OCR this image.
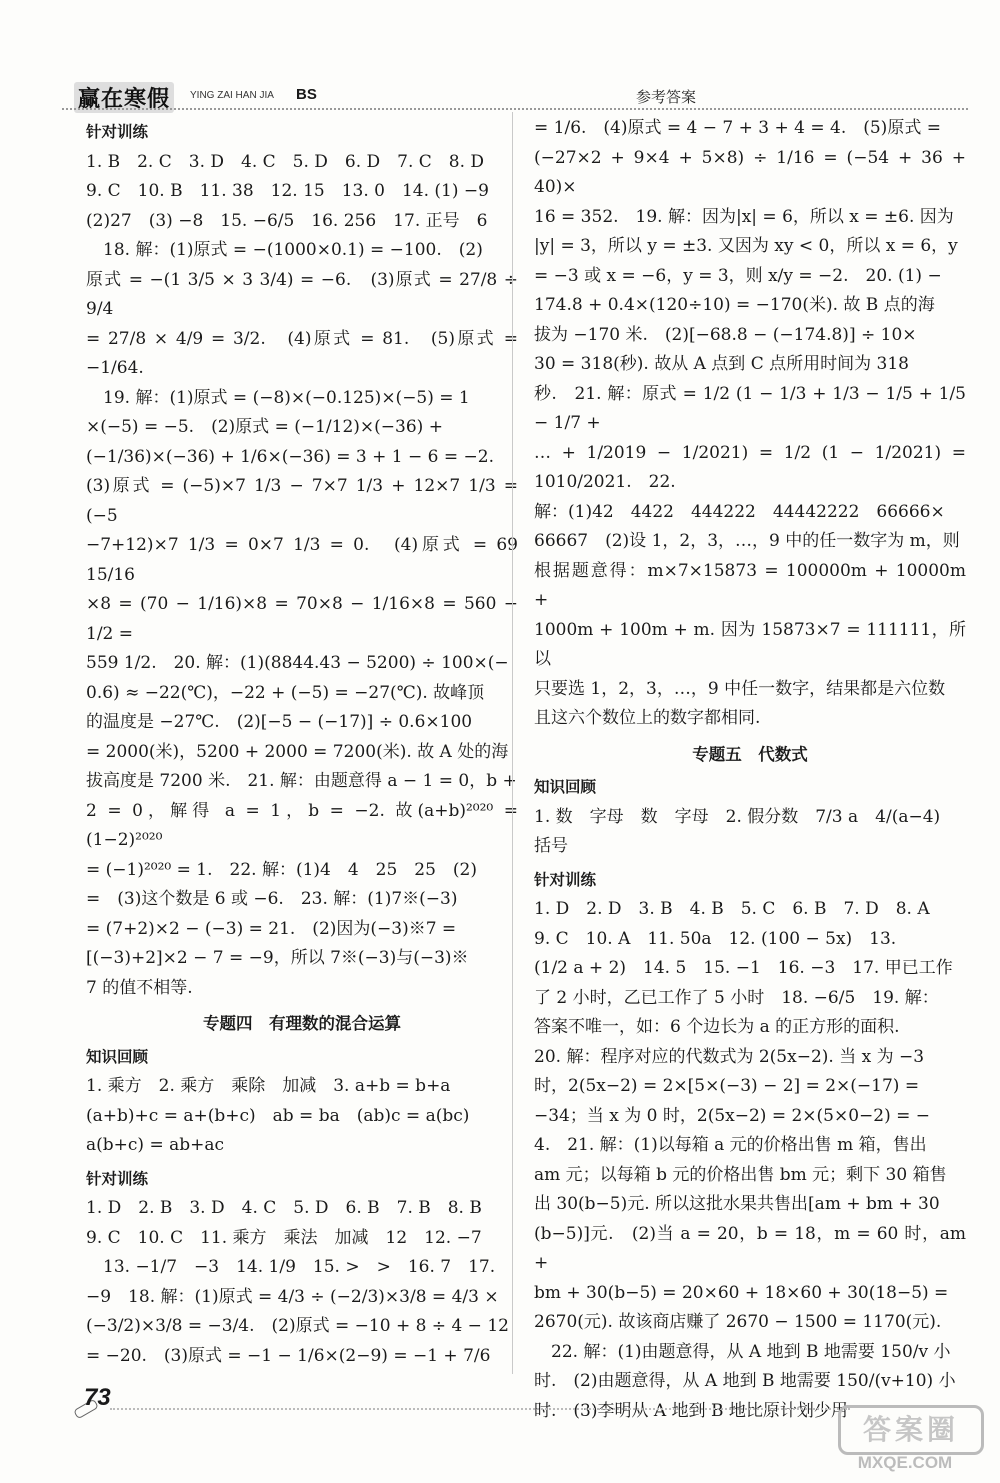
赢在寒假	YING ZAI HAN JIA BS	参考答案

针对训练

1. B　2. C　3. D　4. C　5. D　6. D　7. C　8. D

9. C　10. B　11. 38　12. 15　13. 0　14. (1) −9

(2)27　(3) −8　15. −6/5　16. 256　17. 正号　6

　18. 解：(1)原式 = −(1000×0.1) = −100.　(2)

原式 = −(1 3/5 × 3 3/4) = −6.　(3)原式 = 27/8 ÷ 9/4

= 27/8 × 4/9 = 3/2.　(4)原式 = 81.　(5)原式 = −1/64.

　19. 解：(1)原式 = (−8)×(−0.125)×(−5) = 1

×(−5) = −5.　(2)原式 = (−1/12)×(−36) +

(−1/36)×(−36) + 1/6×(−36) = 3 + 1 − 6 = −2.

(3)原式 = (−5)×7 1/3 − 7×7 1/3 + 12×7 1/3 = (−5

−7+12)×7 1/3 = 0×7 1/3 = 0.　(4)原式 = 69 15/16

×8 = (70 − 1/16)×8 = 70×8 − 1/16×8 = 560 − 1/2 =

559 1/2.　20. 解：(1)(8844.43 − 5200) ÷ 100×(−

0.6) ≈ −22(℃)，−22 + (−5) = −27(℃). 故峰顶

的温度是 −27℃.　(2)[−5 − (−17)] ÷ 0.6×100

= 2000(米)，5200 + 2000 = 7200(米). 故 A 处的海

拔高度是 7200 米.　21. 解：由题意得 a − 1 = 0，b +

2 = 0，解得 a = 1，b = −2. 故(a+b)²⁰²⁰ = (1−2)²⁰²⁰

= (−1)²⁰²⁰ = 1.　22. 解：(1)4　4　25　25　(2)

=　(3)这个数是 6 或 −6.　23. 解：(1)7※(−3)

= (7+2)×2 − (−3) = 21.　(2)因为(−3)※7 =

[(−3)+2]×2 − 7 = −9，所以 7※(−3)与(−3)※

7 的值不相等.

专题四　有理数的混合运算

知识回顾

1. 乘方　2. 乘方　乘除　加减　3. a+b = b+a

(a+b)+c = a+(b+c)　ab = ba　(ab)c = a(bc)

a(b+c) = ab+ac

针对训练

1. D　2. B　3. D　4. C　5. D　6. B　7. B　8. B

9. C　10. C　11. 乘方　乘法　加减　12　12. −7

　13. −1/7　−3　14. 1/9　15. >　>　16. 7　17.

−9　18. 解：(1)原式 = 4/3 ÷ (−2/3)×3/8 = 4/3 ×

(−3/2)×3/8 = −3/4.　(2)原式 = −10 + 8 ÷ 4 − 12

= −20.　(3)原式 = −1 − 1/6×(2−9) = −1 + 7/6

= 1/6.　(4)原式 = 4 − 7 + 3 + 4 = 4.　(5)原式 =

(−27×2 + 9×4 + 5×8) ÷ 1/16 = (−54 + 36 + 40)×

16 = 352.　19. 解：因为|x| = 6，所以 x = ±6. 因为

|y| = 3，所以 y = ±3. 又因为 xy < 0，所以 x = 6，y

= −3 或 x = −6，y = 3，则 x/y = −2.　20. (1) −

174.8 + 0.4×(120÷10) = −170(米). 故 B 点的海

拔为 −170 米.　(2)[−68.8 − (−174.8)] ÷ 10×

30 = 318(秒). 故从 A 点到 C 点所用时间为 318

秒.　21. 解：原式 = 1/2 (1 − 1/3 + 1/3 − 1/5 + 1/5 − 1/7 +

… + 1/2019 − 1/2021) = 1/2 (1 − 1/2021) = 1010/2021.　22.

解：(1)42　4422　444222　44442222　66666×

66667　(2)设 1，2，3，…，9 中的任一数字为 m，则

根据题意得：m×7×15873 = 100000m + 10000m +

1000m + 100m + m. 因为 15873×7 = 111111，所以

只要选 1，2，3，…，9 中任一数字，结果都是六位数

且这六个数位上的数字都相同.

专题五　代数式

知识回顾

1. 数　字母　数　字母　2. 假分数　7/3 a　4/(a−4)

括号

针对训练

1. D　2. D　3. B　4. B　5. C　6. B　7. D　8. A

9. C　10. A　11. 50a　12. (100 − 5x)　13.

(1/2 a + 2)　14. 5　15. −1　16. −3　17. 甲已工作

了 2 小时，乙已工作了 5 小时　18. −6/5　19. 解：

答案不唯一，如：6 个边长为 a 的正方形的面积.

20. 解：程序对应的代数式为 2(5x−2). 当 x 为 −3

时，2(5x−2) = 2×[5×(−3) − 2] = 2×(−17) =

−34；当 x 为 0 时，2(5x−2) = 2×(5×0−2) = −

4.　21. 解：(1)以每箱 a 元的价格出售 m 箱，售出

am 元；以每箱 b 元的价格出售 bm 元；剩下 30 箱售

出 30(b−5)元. 所以这批水果共售出[am + bm + 30

(b−5)]元.　(2)当 a = 20，b = 18，m = 60 时，am +

bm + 30(b−5) = 20×60 + 18×60 + 30(18−5) =

2670(元). 故该商店赚了 2670 − 1500 = 1170(元).

　22. 解：(1)由题意得，从 A 地到 B 地需要 150/v 小

时.　(2)由题意得，从 A 地到 B 地需要 150/(v+10) 小

时.　(3)李明从 A 地到 B 地比原计划少用

73
答案圈
MXQE.COM
